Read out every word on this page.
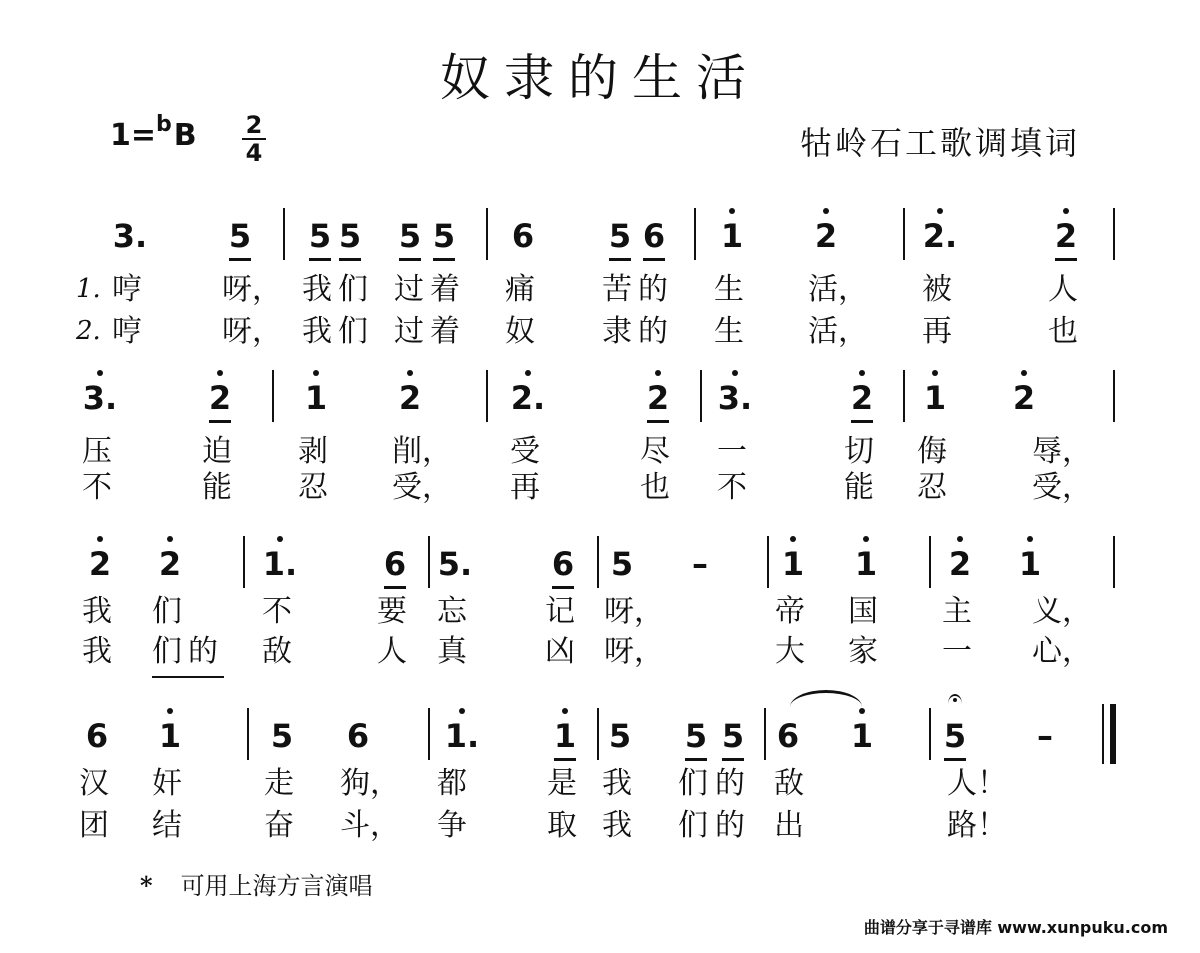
奴隶的生活
1=$^b$B 2
4	牯岭石工歌调填词
3.	5 5 5 5 5 6 5 6 1 2	2.	2
1. 哼	呀， 我 们 过 着 痛 苦 的 生 活， 被	人
2. 哼	呀， 我 们 过 着 奴 隶 的 生 活， 再	也
3.	2 1 2	2.	2 3.	2 1 2
压	迫 剥 削， 受	尽 一	切 侮	辱，
不	能 忍 受， 再	也 不	能 忍	受，
2 2	1.	6 5. 6 5	–	1 1 2 1
我 们	不	要 忘	记 呀，	帝 国 主 义，
我 们 的 敌	人 真	凶 呀，	大 家 一 心，
6 1	5 6 1. 1 5 5 5 6 1 5	–
汉 奸	走 狗， 都	是 我 们 的 敌	人！
团 结	奋 斗， 争	取 我 们 的 出	路！
* 可用上海方言演唱
曲谱分享于寻谱库 www.xunpuku.com
